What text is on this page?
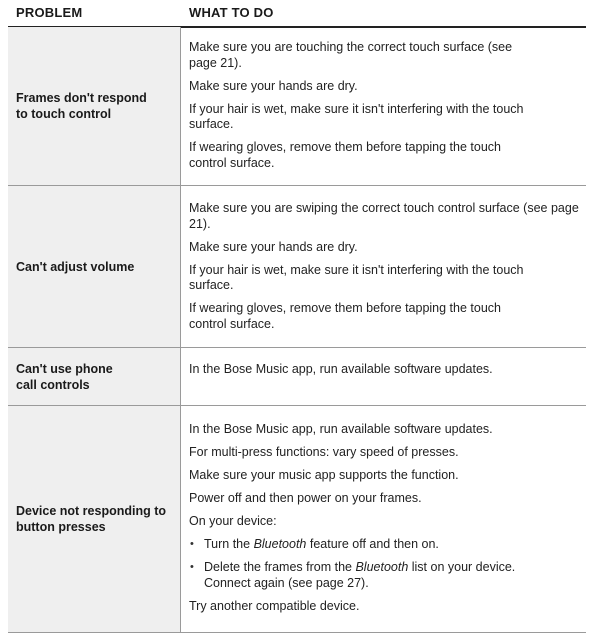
PROBLEM	WHAT TO DO
Frames don't respond to touch control

Make sure you are touching the correct touch surface (see page 21).

Make sure your hands are dry.

If your hair is wet, make sure it isn't interfering with the touch surface.

If wearing gloves, remove them before tapping the touch control surface.

Can't adjust volume

Make sure you are swiping the correct touch control surface (see page 21).

Make sure your hands are dry.

If your hair is wet, make sure it isn't interfering with the touch surface.

If wearing gloves, remove them before tapping the touch control surface.

Can't use phone call controls

In the Bose Music app, run available software updates.

Device not responding to button presses

In the Bose Music app, run available software updates.

For multi-press functions: vary speed of presses.

Make sure your music app supports the function.

Power off and then power on your frames.

On your device:

• Turn the Bluetooth feature off and then on.
• Delete the frames from the Bluetooth list on your device. Connect again (see page 27).

Try another compatible device.
